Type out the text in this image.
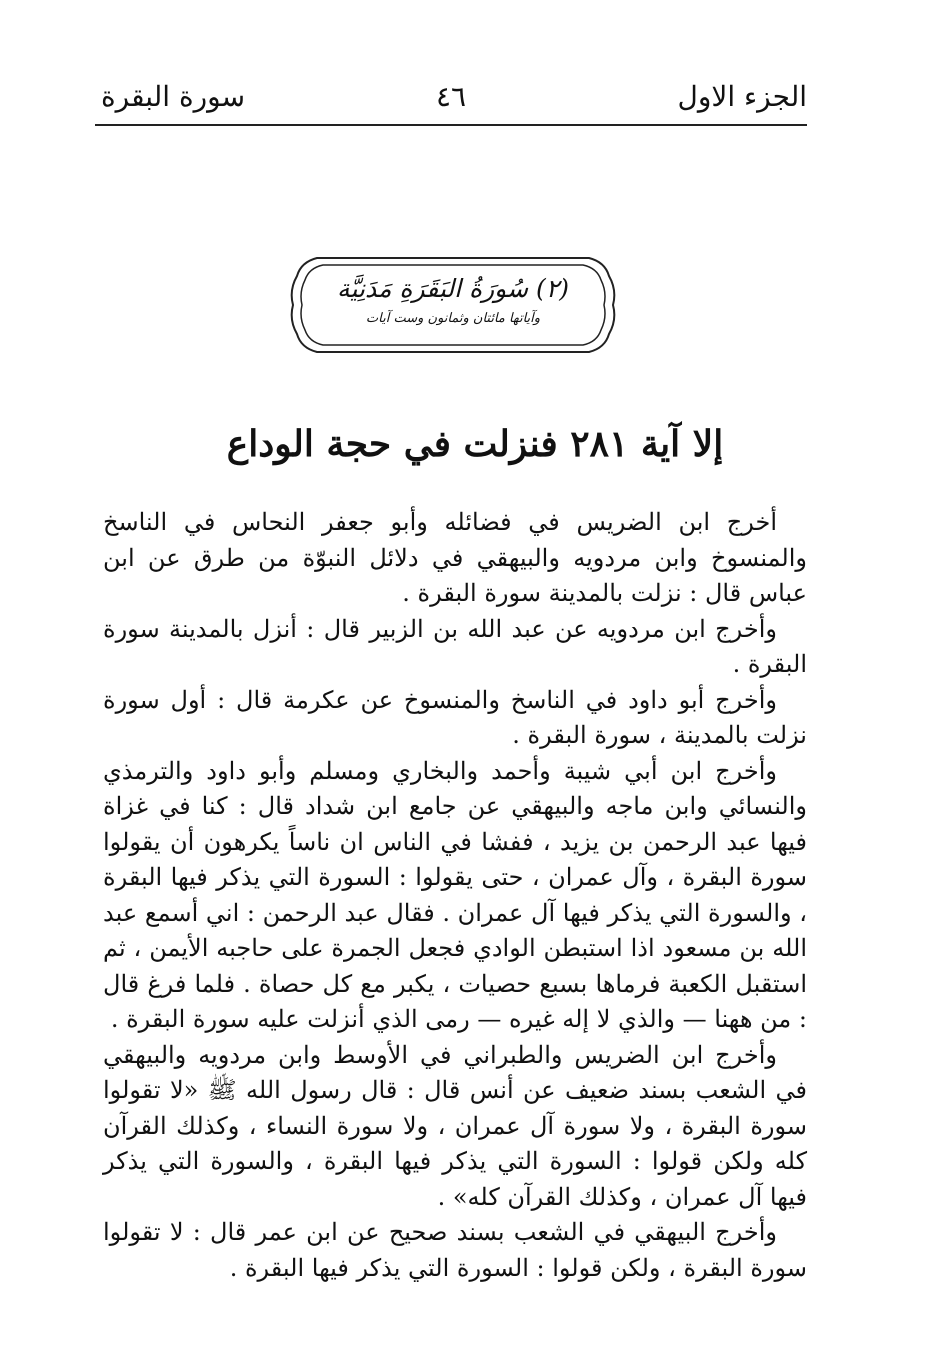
الجزء الاول
٤٦
سورة البقرة
(٢) سُورَةُ البَقَرَةِ مَدَنِيَّة
وآياتها مائتان وثمانون وست آيات
إلا آية ٢٨١ فنزلت في حجة الوداع

أخرج ابن الضريس في فضائله وأبو جعفر النحاس في الناسخ والمنسوخ وابن مردويه والبيهقي في دلائل النبوّة من طرق عن ابن عباس قال : نزلت بالمدينة سورة البقرة .

وأخرج ابن مردويه عن عبد الله بن الزبير قال : أنزل بالمدينة سورة البقرة .

وأخرج أبو داود في الناسخ والمنسوخ عن عكرمة قال : أول سورة نزلت بالمدينة ، سورة البقرة .

وأخرج ابن أبي شيبة وأحمد والبخاري ومسلم وأبو داود والترمذي والنسائي وابن ماجه والبيهقي عن جامع ابن شداد قال : كنا في غزاة فيها عبد الرحمن بن يزيد ، ففشا في الناس ان ناساً يكرهون أن يقولوا سورة البقرة ، وآل عمران ، حتى يقولوا : السورة التي يذكر فيها البقرة ، والسورة التي يذكر فيها آل عمران . فقال عبد الرحمن : اني أسمع عبد الله بن مسعود اذا استبطن الوادي فجعل الجمرة على حاجبه الأيمن ، ثم استقبل الكعبة فرماها بسبع حصيات ، يكبر مع كل حصاة . فلما فرغ قال : من ههنا — والذي لا إله غيره — رمى الذي أنزلت عليه سورة البقرة .

وأخرج ابن الضريس والطبراني في الأوسط وابن مردويه والبيهقي في الشعب بسند ضعيف عن أنس قال : قال رسول الله ﷺ «لا تقولوا سورة البقرة ، ولا سورة آل عمران ، ولا سورة النساء ، وكذلك القرآن كله ولكن قولوا : السورة التي يذكر فيها البقرة ، والسورة التي يذكر فيها آل عمران ، وكذلك القرآن كله» .

وأخرج البيهقي في الشعب بسند صحيح عن ابن عمر قال : لا تقولوا سورة البقرة ، ولكن قولوا : السورة التي يذكر فيها البقرة .
